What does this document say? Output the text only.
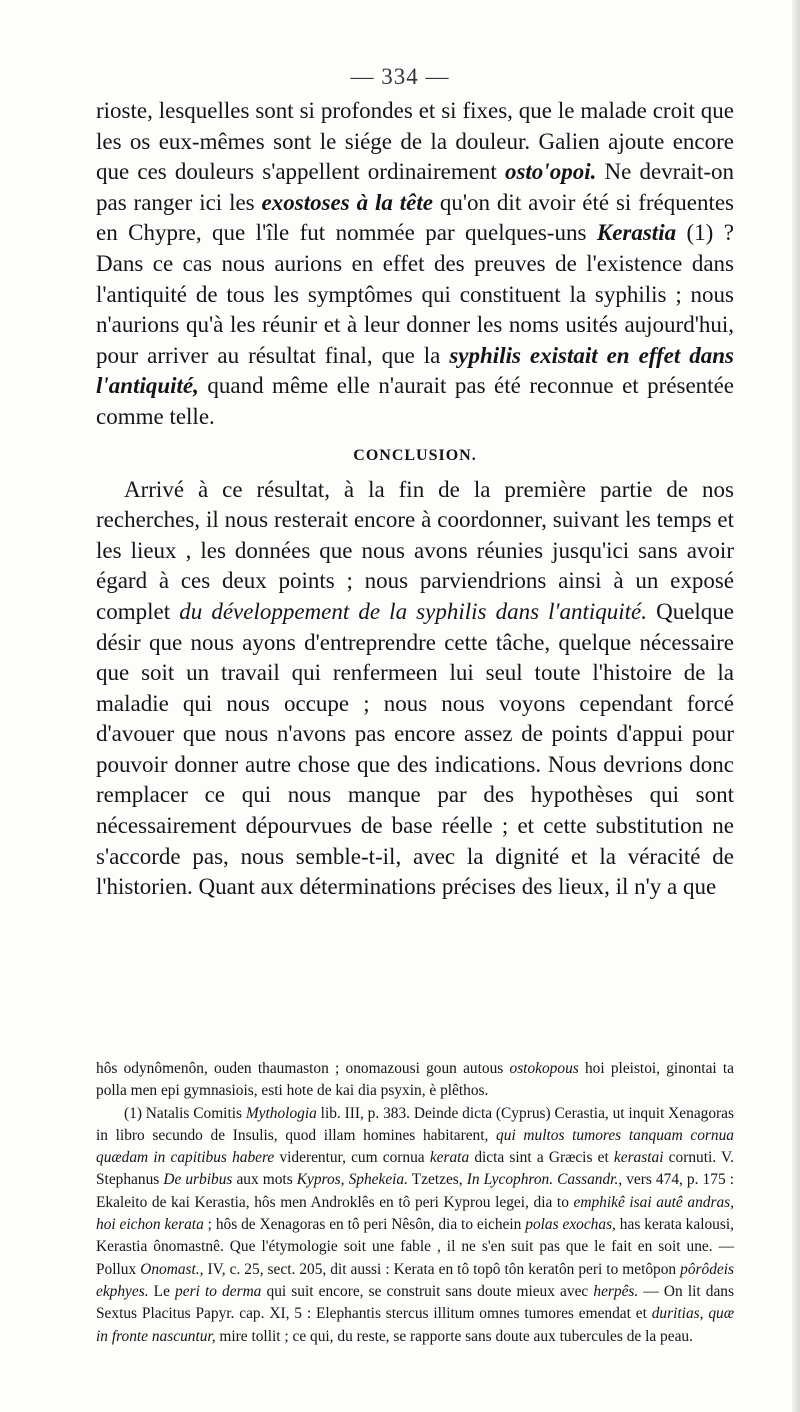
— 334 —

rioste, lesquelles sont si profondes et si fixes, que le malade croit que les os eux-mêmes sont le siége de la douleur. Galien ajoute encore que ces douleurs s'appellent ordinairement osto'opoi. Ne devrait-on pas ranger ici les exostoses à la tête qu'on dit avoir été si fréquentes en Chypre, que l'île fut nommée par quelques-uns Kerastia (1) ? Dans ce cas nous aurions en effet des preuves de l'existence dans l'antiquité de tous les symptômes qui constituent la syphilis ; nous n'aurions qu'à les réunir et à leur donner les noms usités aujourd'hui, pour arriver au résultat final, que la syphilis existait en effet dans l'antiquité, quand même elle n'aurait pas été reconnue et présentée comme telle.

CONCLUSION.

Arrivé à ce résultat, à la fin de la première partie de nos recherches, il nous resterait encore à coordonner, suivant les temps et les lieux , les données que nous avons réunies jusqu'ici sans avoir égard à ces deux points ; nous parviendrions ainsi à un exposé complet du développement de la syphilis dans l'antiquité. Quelque désir que nous ayons d'entreprendre cette tâche, quelque nécessaire que soit un travail qui renfermeen lui seul toute l'histoire de la maladie qui nous occupe ; nous nous voyons cependant forcé d'avouer que nous n'avons pas encore assez de points d'appui pour pouvoir donner autre chose que des indications. Nous devrions donc remplacer ce qui nous manque par des hypothèses qui sont nécessairement dépourvues de base réelle ; et cette substitution ne s'accorde pas, nous semble-t-il, avec la dignité et la véracité de l'historien. Quant aux déterminations précises des lieux, il n'y a que

hôs odynômenôn, ouden thaumaston ; onomazousi goun autous ostokopous hoi pleistoi, ginontai ta polla men epi gymnasiois, esti hote de kai dia psyxin, è plêthos.

(1) Natalis Comitis Mythologia lib. III, p. 383. Deinde dicta (Cyprus) Cerastia, ut inquit Xenagoras in libro secundo de Insulis, quod illam homines habitarent, qui multos tumores tanquam cornua quædam in capitibus habere viderentur, cum cornua kerata dicta sint a Græcis et kerastai cornuti. V. Stephanus De urbibus aux mots Kypros, Sphekeia. Tzetzes, In Lycophron. Cassandr., vers 474, p. 175 : Ekaleito de kai Kerastia, hôs men Androklês en tô peri Kyprou legei, dia to emphikê isai autê andras, hoi eichon kerata ; hôs de Xenagoras en tô peri Nêsôn, dia to eichein polas exochas, has kerata kalousi, Kerastia ônomastnê. Que l'étymologie soit une fable , il ne s'en suit pas que le fait en soit une. — Pollux Onomast., IV, c. 25, sect. 205, dit aussi : Kerata en tô topô tôn keratôn peri to metôpon pôrôdeis ekphyes. Le peri to derma qui suit encore, se construit sans doute mieux avec herpês. — On lit dans Sextus Placitus Papyr. cap. XI, 5 : Elephantis stercus illitum omnes tumores emendat et duritias, quæ in fronte nascuntur, mire tollit ; ce qui, du reste, se rapporte sans doute aux tubercules de la peau.
